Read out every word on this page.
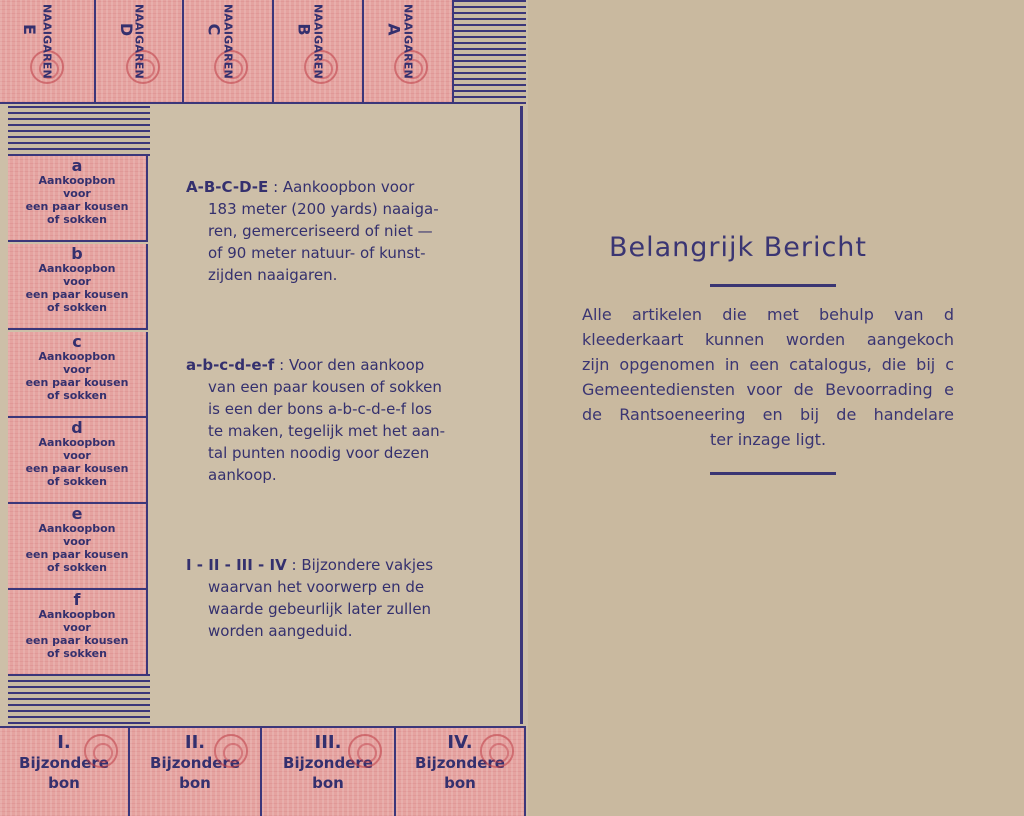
E NAAIGAREN	D
NAAIGAREN	C
NAAIGAREN	B
NAAIGAREN	A
NAAIGAREN
a
Aankoopbon
voor
een paar kousen
of sokken
b
Aankoopbon
voor
een paar kousen
of sokken
c
Aankoopbon
voor
een paar kousen
of sokken
d
Aankoopbon
voor
een paar kousen
of sokken
e
Aankoopbon
voor
een paar kousen
of sokken
f
Aankoopbon
voor
een paar kousen
of sokken
A-B-C-D-E : Aankoopbon voor
183 meter (200 yards) naaiga-
ren, gemerceriseerd of niet —
of 90 meter natuur- of kunst-
zijden naaigaren.
a-b-c-d-e-f : Voor den aankoop
van een paar kousen of sokken
is een der bons a-b-c-d-e-f los
te maken, tegelijk met het aan-
tal punten noodig voor dezen
aankoop.
I - II - III - IV : Bijzondere vakjes
waarvan het voorwerp en de
waarde gebeurlijk later zullen
worden aangeduid.
I.
Bijzondere
bon
II.
Bijzondere
bon
III.
Bijzondere
bon
IV.
Bijzondere
bon
Belangrijk Bericht
Alle artikelen die met behulp van d
kleederkaart kunnen worden aangekoch
zijn opgenomen in een catalogus, die bij c
Gemeentediensten voor de Bevoorrading e
de Rantsoeneering en bij de handelare
ter inzage ligt.
